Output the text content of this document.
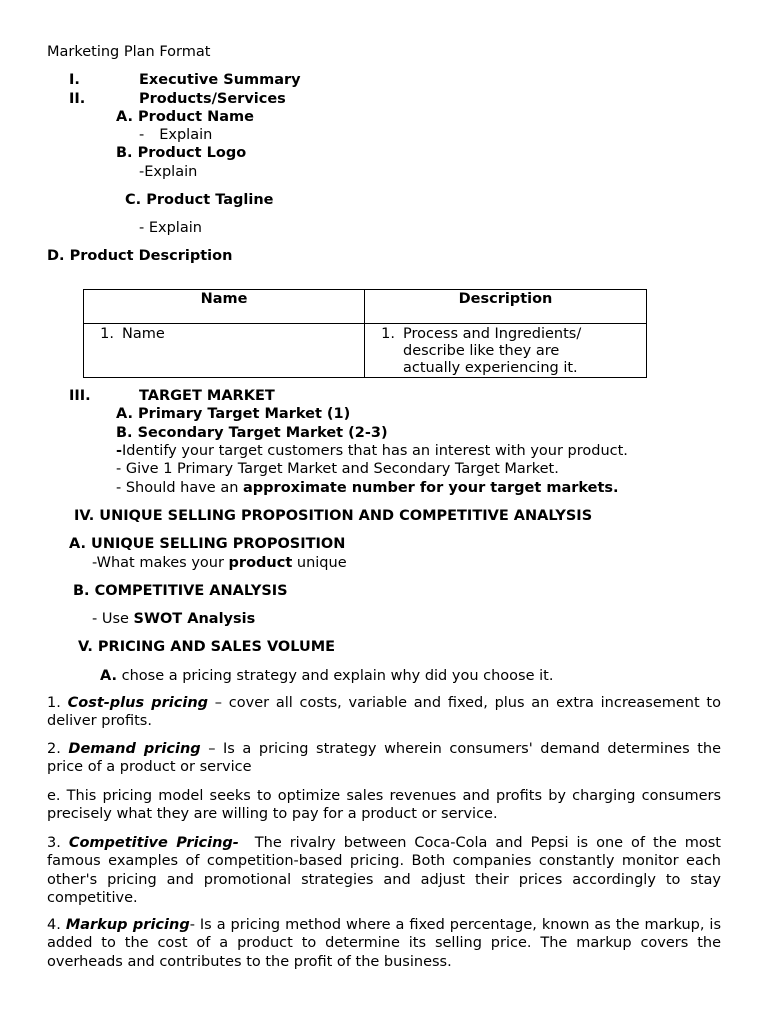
Marketing Plan Format
I.	Executive Summary
II.	Products/Services
A. Product Name
- Explain
B. Product Logo
-Explain
C. Product Tagline
- Explain
D. Product Description
Name	Description

1. Name	1. Process and Ingredients/ describe like they are actually experiencing it.
III.	TARGET MARKET
A. Primary Target Market (1)
B. Secondary Target Market (2-3)
-Identify your target customers that has an interest with your product.
- Give 1 Primary Target Market and Secondary Target Market.
- Should have an approximate number for your target markets.
IV. UNIQUE SELLING PROPOSITION AND COMPETITIVE ANALYSIS
A. UNIQUE SELLING PROPOSITION
-What makes your product unique
B. COMPETITIVE ANALYSIS
- Use SWOT Analysis
V. PRICING AND SALES VOLUME
A. chose a pricing strategy and explain why did you choose it.
1. Cost-plus pricing – cover all costs, variable and fixed, plus an extra increasement to deliver profits.
2. Demand pricing – Is a pricing strategy wherein consumers' demand determines the price of a product or service
e. This pricing model seeks to optimize sales revenues and profits by charging consumers precisely what they are willing to pay for a product or service.
3. Competitive Pricing-  The rivalry between Coca-Cola and Pepsi is one of the most famous examples of competition-based pricing. Both companies constantly monitor each other's pricing and promotional strategies and adjust their prices accordingly to stay competitive.
4. Markup pricing- Is a pricing method where a fixed percentage, known as the markup, is added to the cost of a product to determine its selling price. The markup covers the overheads and contributes to the profit of the business.
